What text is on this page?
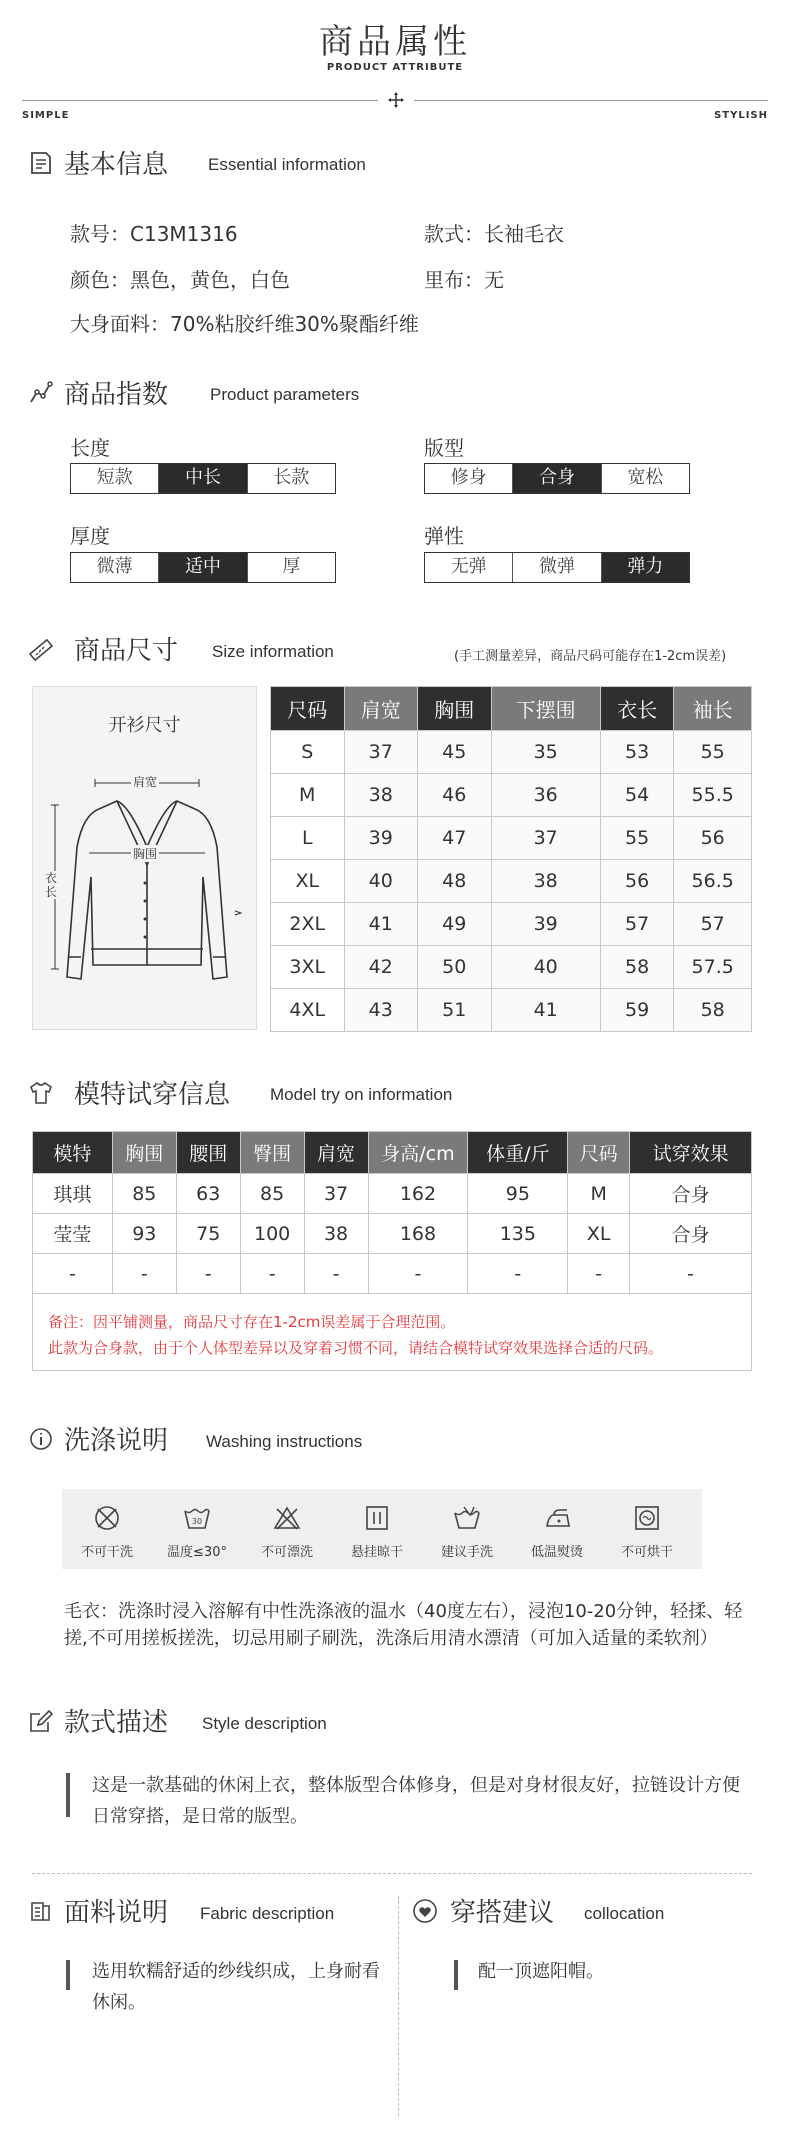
商品属性
PRODUCT ATTRIBUTE
SIMPLE	STYLISH
基本信息 Essential information
款号：C13M1316	款式：长袖毛衣
颜色：黑色，黄色，白色	里布：无
大身面料：70%粘胶纤维30%聚酯纤维
商品指数 Product parameters
长度
短款	中长	长款
版型
修身	合身	宽松
厚度
微薄	适中	厚
弹性
无弹	微弹	弹力
商品尺寸 Size information	(手工测量差异，商品尺码可能存在1-2cm误差)
开衫尺寸
肩宽
胸围
衣长
尺码	肩宽	胸围	下摆围	衣长	袖长
S	37	45	35	53	55
M	38	46	36	54	55.5
L	39	47	37	55	56
XL	40	48	38	56	56.5
2XL	41	49	39	57	57
3XL	42	50	40	58	57.5
4XL	43	51	41	59	58
模特试穿信息 Model try on information
模特	胸围	腰围	臀围	肩宽	身高/cm	体重/斤	尺码	试穿效果
琪琪	85	63	85	37	162	95	M	合身
莹莹	93	75	100	38	168	135	XL	合身
-	-	-	-	-	-	-	-	-
备注：因平铺测量，商品尺寸存在1-2cm误差属于合理范围。
此款为合身款，由于个人体型差异以及穿着习惯不同，请结合模特试穿效果选择合适的尺码。
洗涤说明 Washing instructions
不可干洗
30
温度≤30°	不可漂洗	悬挂晾干	建议手洗	低温熨烫	不可烘干
毛衣：洗涤时浸入溶解有中性洗涤液的温水（40度左右），浸泡10-20分钟，轻揉、轻搓,不可用搓板搓洗，切忌用刷子刷洗，洗涤后用清水漂清（可加入适量的柔软剂）
款式描述 Style description
这是一款基础的休闲上衣，整体版型合体修身，但是对身材很友好，拉链设计方便日常穿搭，是日常的版型。
面料说明 Fabric description
选用软糯舒适的纱线织成，上身耐看休闲。
穿搭建议 collocation
配一顶遮阳帽。
